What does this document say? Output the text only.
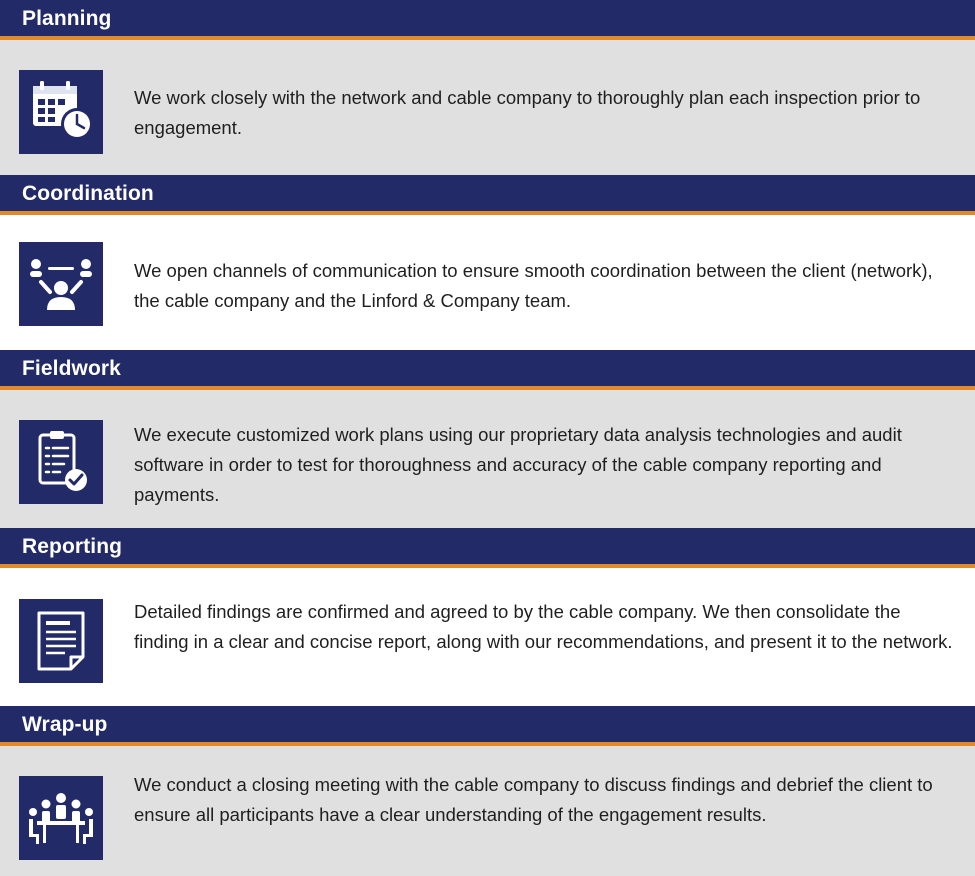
Planning
We work closely with the network and cable company to thoroughly plan each inspection prior to engagement.
Coordination
We open channels of communication to ensure smooth coordination between the client (network), the cable company and the Linford & Company team.
Fieldwork
We execute customized work plans using our proprietary data analysis technologies and audit software in order to test for thoroughness and accuracy of the cable company reporting and payments.
Reporting
Detailed findings are confirmed and agreed to by the cable company. We then consolidate the finding in a clear and concise report, along with our recommendations, and present it to the network.
Wrap-up
We conduct a closing meeting with the cable company to discuss findings and debrief the client to ensure all participants have a clear understanding of the engagement results.
